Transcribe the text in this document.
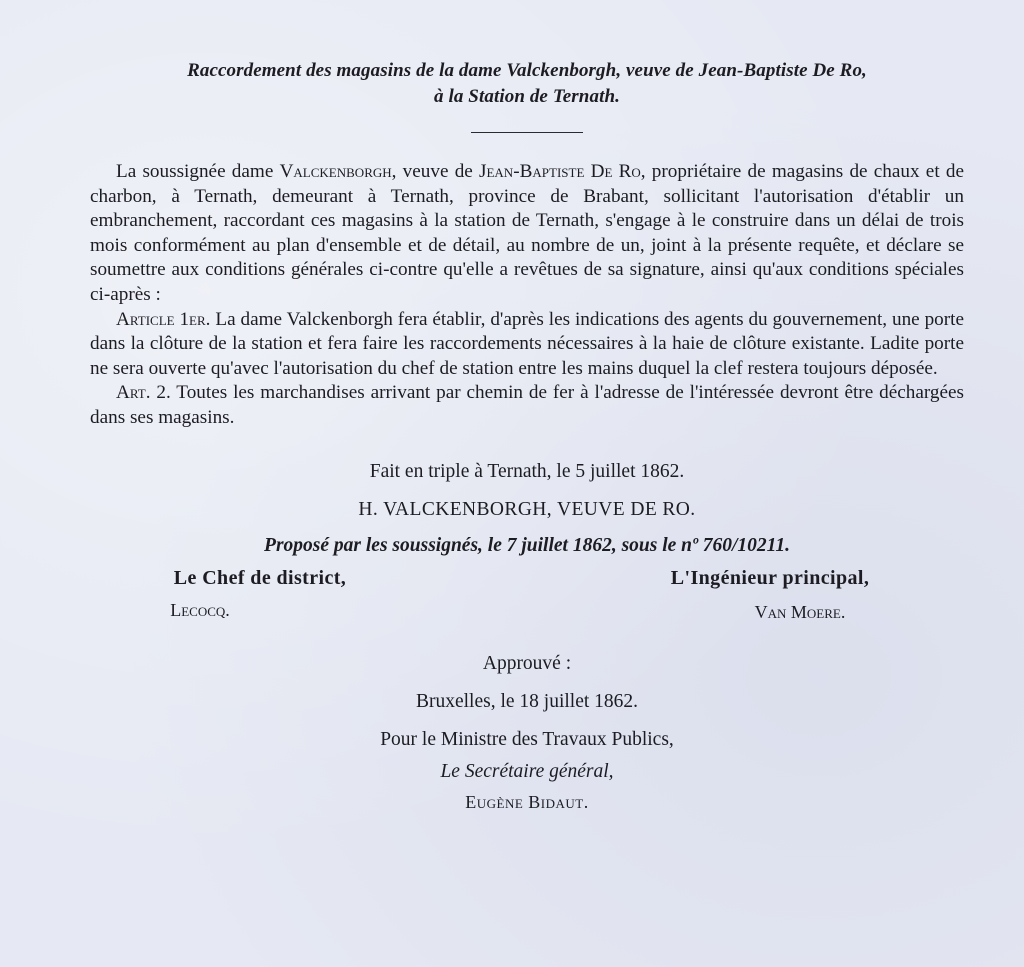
Raccordement des magasins de la dame Valckenborgh, veuve de Jean-Baptiste De Ro,
à la Station de Ternath.

La soussignée dame Valckenborgh, veuve de Jean-Baptiste De Ro, propriétaire de magasins de chaux et de charbon, à Ternath, demeurant à Ternath, province de Brabant, sollicitant l'autorisation d'établir un embranchement, raccordant ces magasins à la station de Ternath, s'engage à le construire dans un délai de trois mois conformément au plan d'ensemble et de détail, au nombre de un, joint à la présente requête, et déclare se soumettre aux conditions générales ci-contre qu'elle a revêtues de sa signature, ainsi qu'aux conditions spéciales ci-après :

Article 1er. La dame Valckenborgh fera établir, d'après les indications des agents du gouvernement, une porte dans la clôture de la station et fera faire les raccordements nécessaires à la haie de clôture existante. Ladite porte ne sera ouverte qu'avec l'autorisation du chef de station entre les mains duquel la clef restera toujours déposée.

Art. 2. Toutes les marchandises arrivant par chemin de fer à l'adresse de l'intéressée devront être déchargées dans ses magasins.

Fait en triple à Ternath, le 5 juillet 1862.

H. VALCKENBORGH, VEUVE DE RO.

Proposé par les soussignés, le 7 juillet 1862, sous le nº 760/10211.

Le Chef de district,
Lecocq.
L'Ingénieur principal,
Van Moere.

Approuvé :

Bruxelles, le 18 juillet 1862.

Pour le Ministre des Travaux Publics,

Le Secrétaire général,

Eugène Bidaut.
